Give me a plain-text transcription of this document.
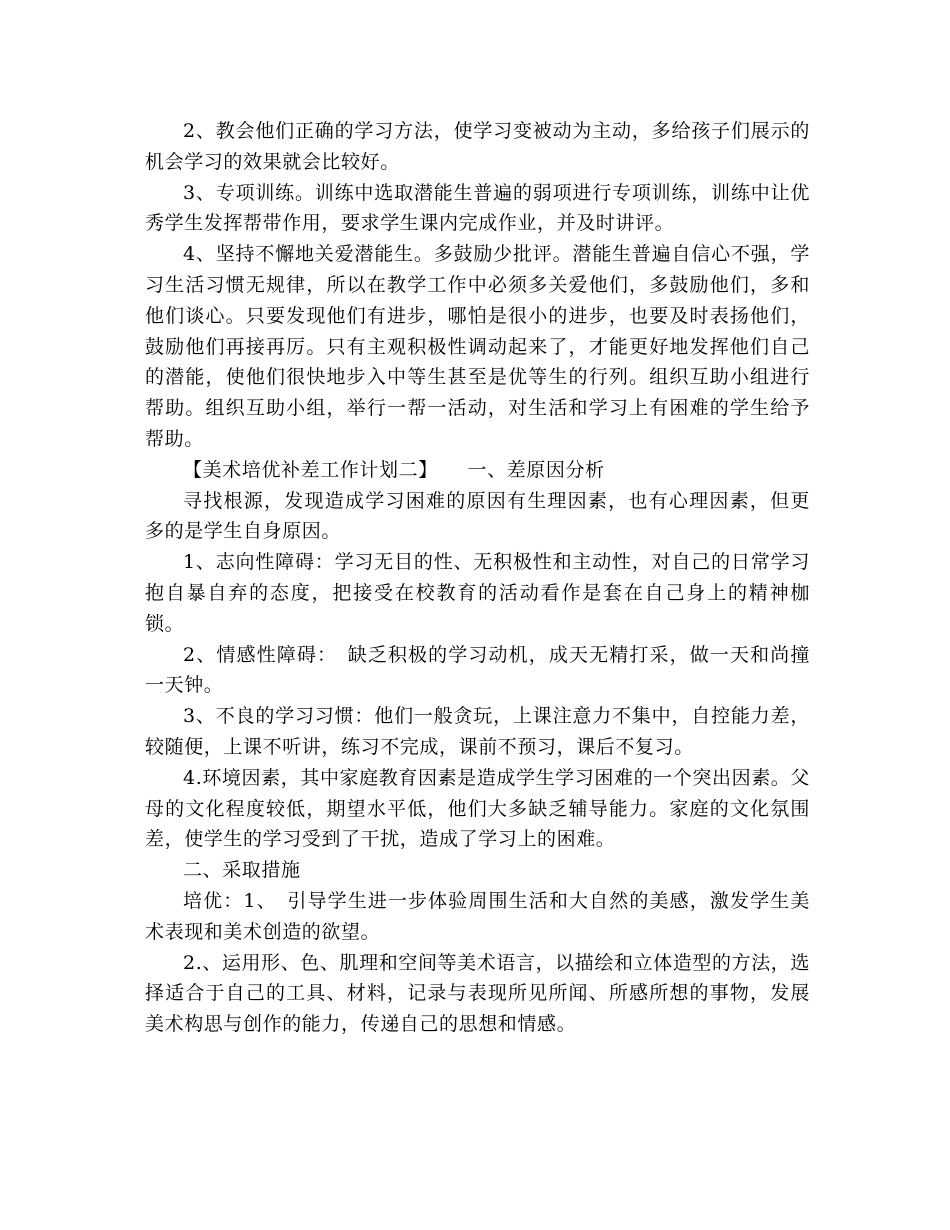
2、教会他们正确的学习方法，使学习变被动为主动，多给孩子们展示的机会学习的效果就会比较好。

3、专项训练。训练中选取潜能生普遍的弱项进行专项训练，训练中让优秀学生发挥帮带作用，要求学生课内完成作业，并及时讲评。

4、坚持不懈地关爱潜能生。多鼓励少批评。潜能生普遍自信心不强，学习生活习惯无规律，所以在教学工作中必须多关爱他们，多鼓励他们，多和他们谈心。只要发现他们有进步，哪怕是很小的进步，也要及时表扬他们，鼓励他们再接再厉。只有主观积极性调动起来了，才能更好地发挥他们自己的潜能，使他们很快地步入中等生甚至是优等生的行列。组织互助小组进行帮助。组织互助小组，举行一帮一活动，对生活和学习上有困难的学生给予帮助。

【美术培优补差工作计划二】　　一、差原因分析

寻找根源，发现造成学习困难的原因有生理因素，也有心理因素，但更多的是学生自身原因。

1、志向性障碍：学习无目的性、无积极性和主动性，对自己的日常学习抱自暴自弃的态度，把接受在校教育的活动看作是套在自己身上的精神枷锁。

2、情感性障碍：　缺乏积极的学习动机，成天无精打采，做一天和尚撞一天钟。

3、不良的学习习惯：他们一般贪玩，上课注意力不集中，自控能力差，较随便，上课不听讲，练习不完成，课前不预习，课后不复习。

4.环境因素，其中家庭教育因素是造成学生学习困难的一个突出因素。父母的文化程度较低，期望水平低，他们大多缺乏辅导能力。家庭的文化氛围差，使学生的学习受到了干扰，造成了学习上的困难。

二、采取措施

培优：1、　引导学生进一步体验周围生活和大自然的美感，激发学生美术表现和美术创造的欲望。

2.、运用形、色、肌理和空间等美术语言，以描绘和立体造型的方法，选择适合于自己的工具、材料，记录与表现所见所闻、所感所想的事物，发展美术构思与创作的能力，传递自己的思想和情感。
